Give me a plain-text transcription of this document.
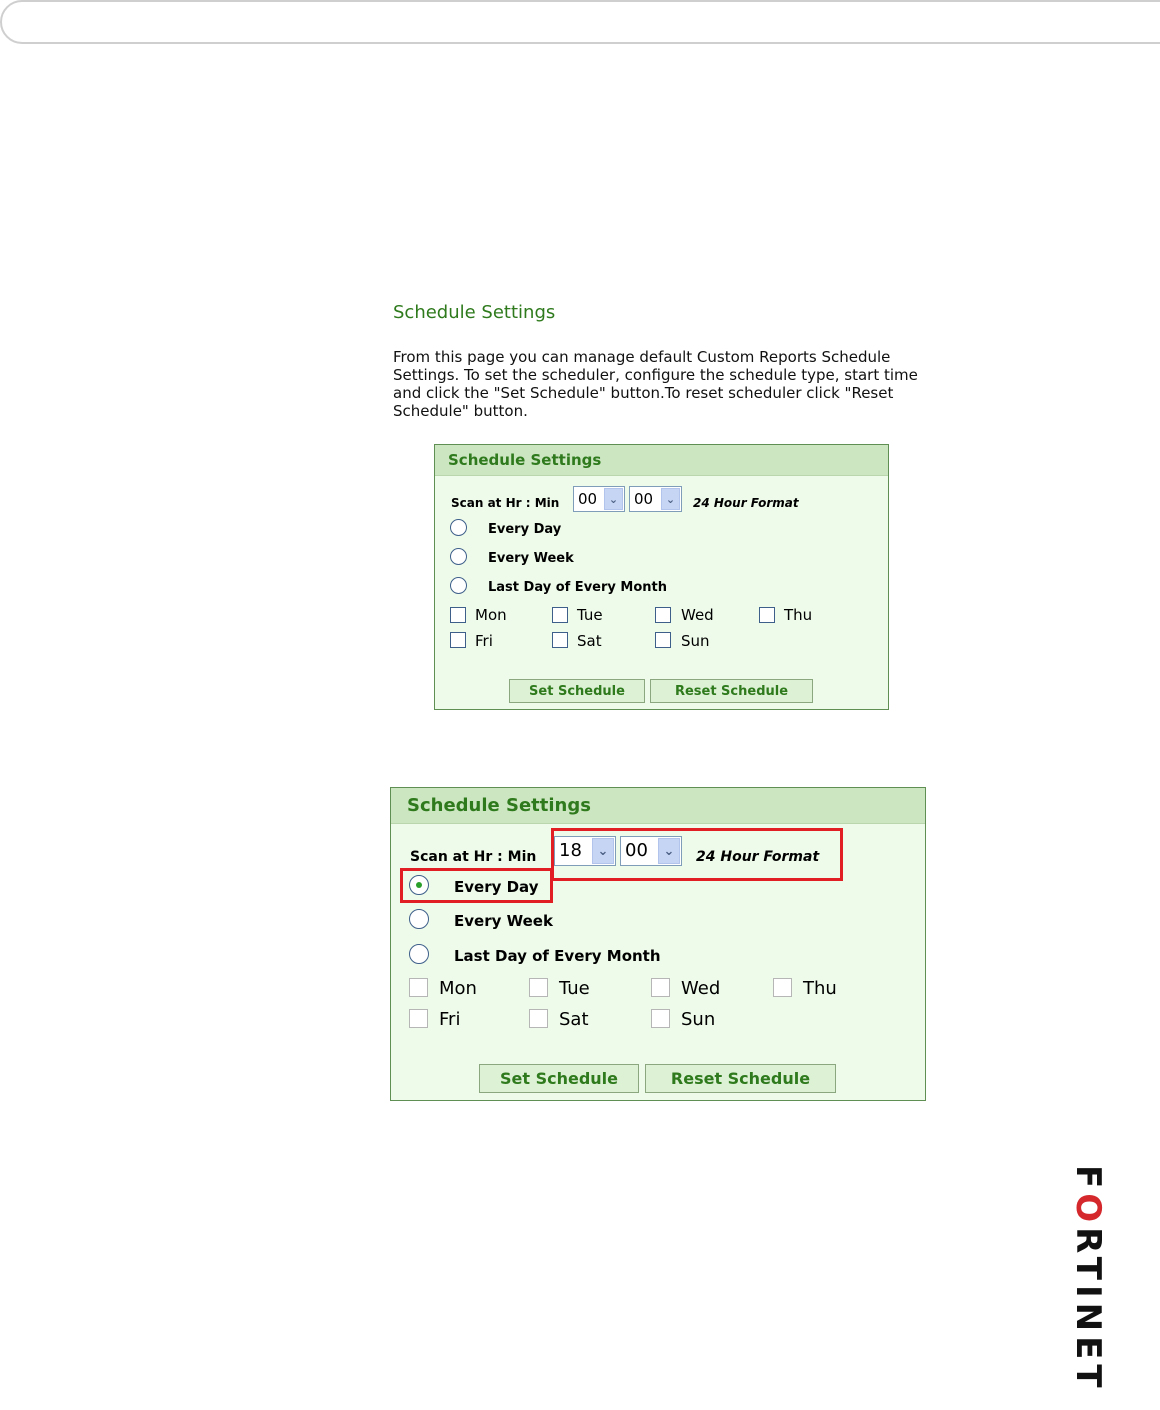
Schedule Settings

From this page you can manage default Custom Reports Schedule Settings. To set the scheduler, configure the schedule type, start time and click the "Set Schedule" button.To reset scheduler click "Reset Schedule" button.

Schedule Settings
Scan at Hr : Min 00	⌄	00	⌄	24 Hour Format
Every Day
Every Week
Last Day of Every Month
Mon	Tue	Wed	Thu
Fri	Sat	Sun
Set Schedule	Reset Schedule
Schedule Settings
Scan at Hr : Min 18	⌄ 00	⌄	24 Hour Format
Every Day
Every Week
Last Day of Every Month
Mon	Tue	Wed	Thu
Fri	Sat	Sun
Set Schedule	Reset Schedule
FORTINET
